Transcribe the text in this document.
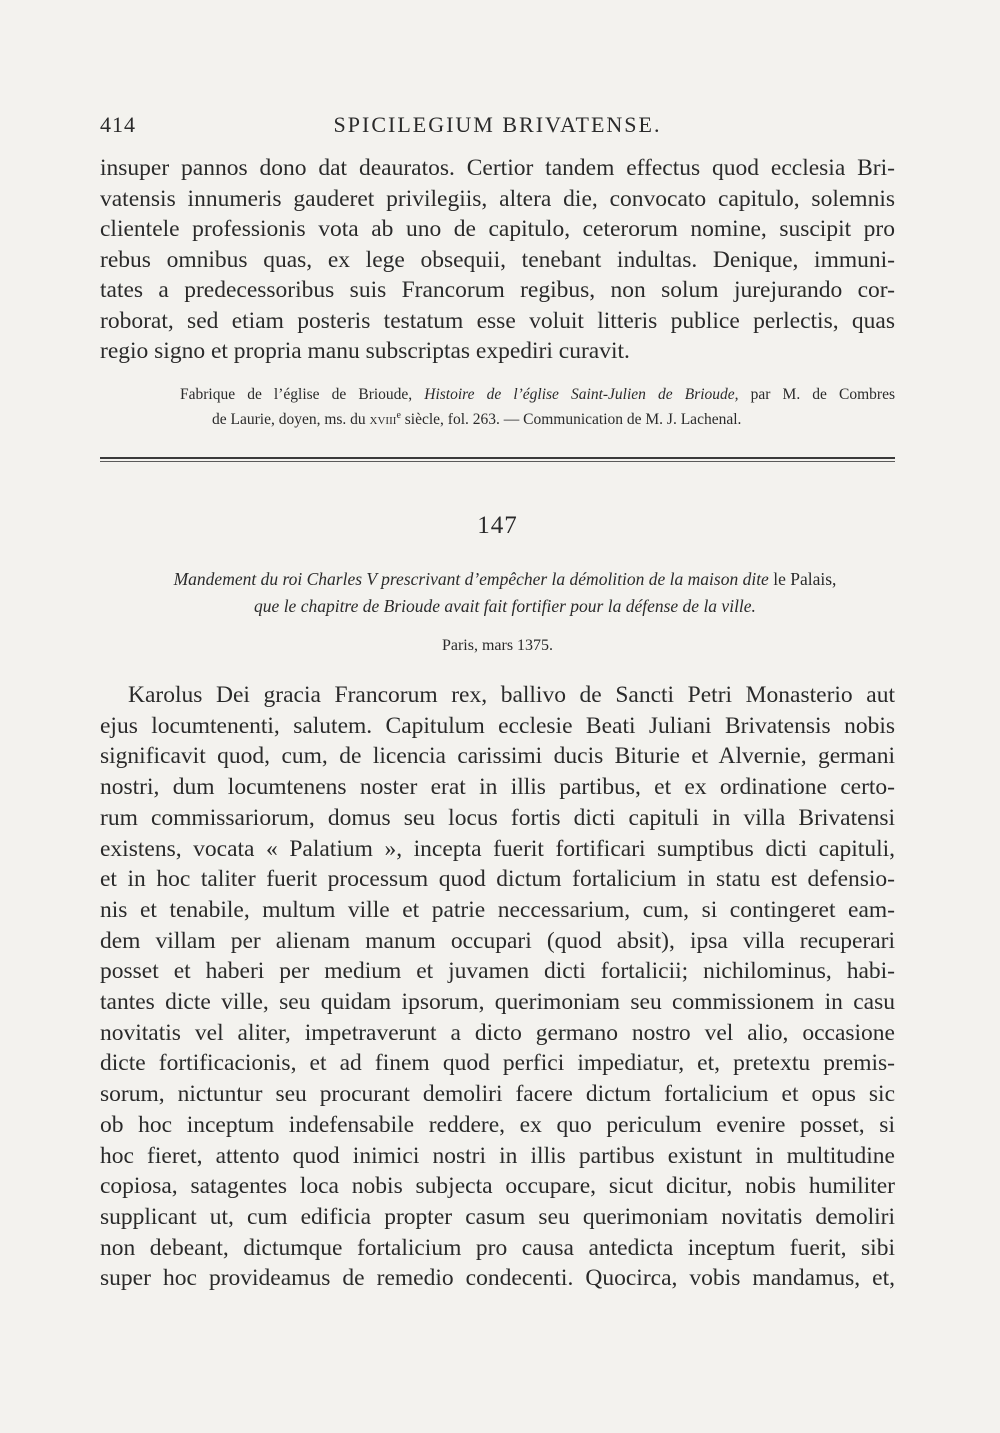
414	SPICILEGIUM BRIVATENSE.
insuper pannos dono dat deauratos. Certior tandem effectus quod ecclesia Bri-
vatensis innumeris gauderet privilegiis, altera die, convocato capitulo, solemnis
clientele professionis vota ab uno de capitulo, ceterorum nomine, suscipit pro
rebus omnibus quas, ex lege obsequii, tenebant indultas. Denique, immuni-
tates a predecessoribus suis Francorum regibus, non solum jurejurando cor-
roborat, sed etiam posteris testatum esse voluit litteris publice perlectis, quas
regio signo et propria manu subscriptas expediri curavit.
Fabrique de l’église de Brioude, Histoire de l’église Saint-Julien de Brioude, par M. de Combres
de Laurie, doyen, ms. du xviii$^e$ siècle, fol. 263. — Communication de M. J. Lachenal.
147
Mandement du roi Charles V prescrivant d’empêcher la démolition de la maison dite le Palais,
que le chapitre de Brioude avait fait fortifier pour la défense de la ville.
Paris, mars 1375.
Karolus Dei gracia Francorum rex, ballivo de Sancti Petri Monasterio aut
ejus locumtenenti, salutem. Capitulum ecclesie Beati Juliani Brivatensis nobis
significavit quod, cum, de licencia carissimi ducis Biturie et Alvernie, germani
nostri, dum locumtenens noster erat in illis partibus, et ex ordinatione certo-
rum commissariorum, domus seu locus fortis dicti capituli in villa Brivatensi
existens, vocata « Palatium », incepta fuerit fortificari sumptibus dicti capituli,
et in hoc taliter fuerit processum quod dictum fortalicium in statu est defensio-
nis et tenabile, multum ville et patrie neccessarium, cum, si contingeret eam-
dem villam per alienam manum occupari (quod absit), ipsa villa recuperari
posset et haberi per medium et juvamen dicti fortalicii; nichilominus, habi-
tantes dicte ville, seu quidam ipsorum, querimoniam seu commissionem in casu
novitatis vel aliter, impetraverunt a dicto germano nostro vel alio, occasione
dicte fortificacionis, et ad finem quod perfici impediatur, et, pretextu premis-
sorum, nictuntur seu procurant demoliri facere dictum fortalicium et opus sic
ob hoc inceptum indefensabile reddere, ex quo periculum evenire posset, si
hoc fieret, attento quod inimici nostri in illis partibus existunt in multitudine
copiosa, satagentes loca nobis subjecta occupare, sicut dicitur, nobis humiliter
supplicant ut, cum edificia propter casum seu querimoniam novitatis demoliri
non debeant, dictumque fortalicium pro causa antedicta inceptum fuerit, sibi
super hoc provideamus de remedio condecenti. Quocirca, vobis mandamus, et,
